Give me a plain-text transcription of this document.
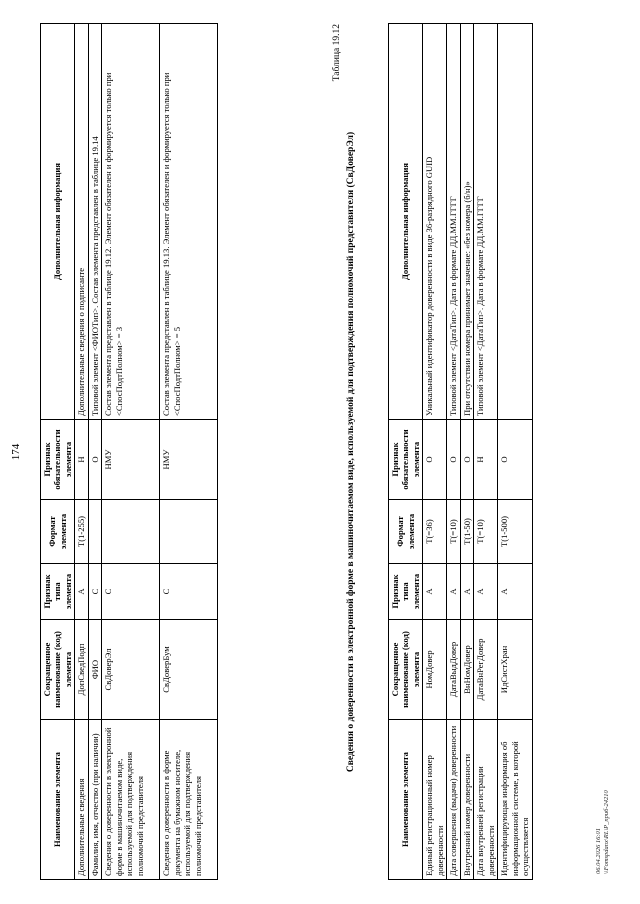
174
Наименование элемента	Сокращенное наименование (код) элемента	Признак типа элемента	Формат элемента	Признак обязательности элемента	Дополнительная информация
Дополнительные сведения	ДопСведПодп	А	T(1-255)	Н	Дополнительные сведения о подписанте
Фамилия, имя, отчество (при наличии)	ФИО	С		О	Типовой элемент <ФИОТип>. Состав элемента представлен в таблице 19.14
Сведения о доверенности в электронной форме в машиночитаемом виде, используемой для подтверждения полномочий представителя	СвДоверЭл	С		НМУ	Состав элемента представлен в таблице 19.12. Элемент обязателен и формируется только при <СпосПодтПолном> = 3
Сведения о доверенности в форме документа на бумажном носителе, используемой для подтверждения полномочий представителя	СвДоверБум	С		НМУ	Состав элемента представлен в таблице 19.13. Элемент обязателен и формируется только при <СпосПодтПолном> = 5
Таблица 19.12
Сведения о доверенности в электронной форме в машиночитаемом виде, используемой для подтверждения полномочий представителя (СвДоверЭл)
Наименование элемента	Сокращенное наименование (код) элемента	Признак типа элемента	Формат элемента	Признак обязательности элемента	Дополнительная информация
Единый регистрационный номер доверенности	НомДовер	А	T(=36)	О	Уникальный идентификатор доверенности в виде 36-разрядного GUID
Дата совершения (выдачи) доверенности	ДатаВыдДовер	А	T(=10)	О	Типовой элемент <ДатаТип>. Дата в формате ДД.ММ.ГГГГ
Внутренний номер доверенности	ВнНомДовер	А	T(1-50)	О	При отсутствии номера принимает значение: «без номера (б/н)»
Дата внутренней регистрации доверенности	ДатаВнРегДовер	А	T(=10)	Н	Типовой элемент <ДатаТип>. Дата в формате ДД.ММ.ГГГГ
Идентифицирующая информация об информационной системе, в которой осуществляется	ИдСистХран	А	T(1-500)	О	
06.04.2026 16:01 \\Fomspdanx\RL\P_приб-24210
